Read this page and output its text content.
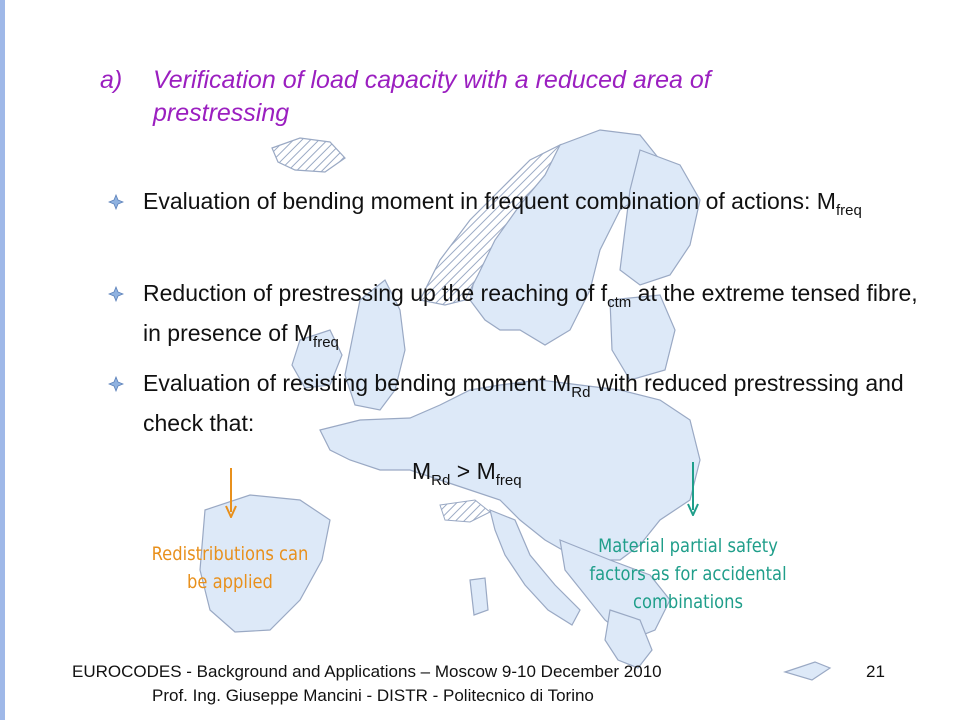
a) Verification of load capacity with a reduced area of prestressing
Evaluation of bending moment in frequent combination of actions: $M_{freq}$
Reduction of prestressing up the reaching of $f_{ctm}$ at the extreme tensed fibre, in presence of $M_{freq}$
Evaluation of resisting bending moment $M_{Rd}$ with reduced prestressing and check that:
$M_{Rd} > M_{freq}$
Redistributions can be applied
Material partial safety factors as for accidental combinations
EUROCODES - Background and Applications – Moscow 9-10 December 2010
Prof. Ing. Giuseppe Mancini - DISTR - Politecnico di Torino
21
